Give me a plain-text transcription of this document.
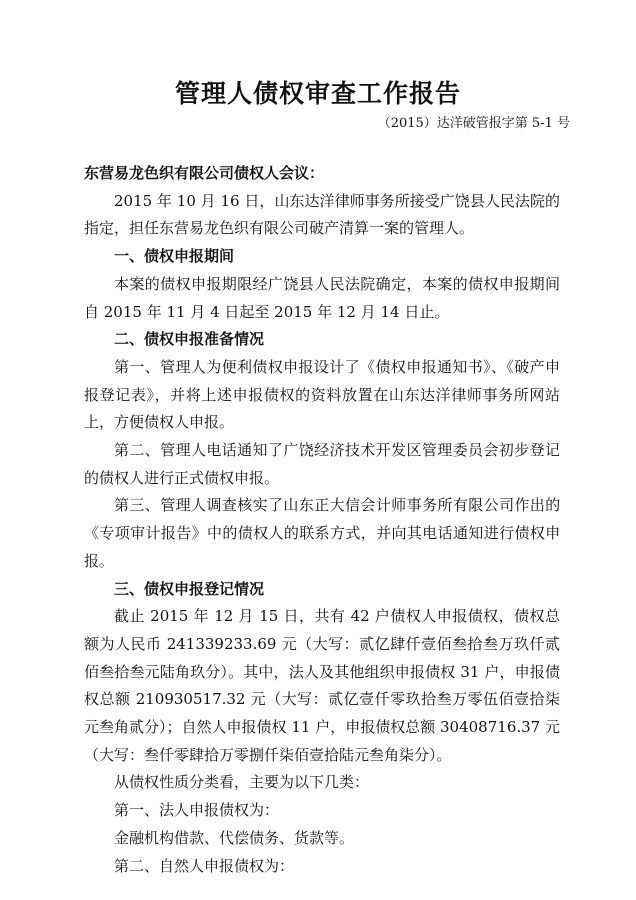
管理人债权审查工作报告
（2015）达洋破管报字第 5-1 号

东营易龙色织有限公司债权人会议：

2015 年 10 月 16 日，山东达洋律师事务所接受广饶县人民法院的指定，担任东营易龙色织有限公司破产清算一案的管理人。

一、债权申报期间

本案的债权申报期限经广饶县人民法院确定，本案的债权申报期间自 2015 年 11 月 4 日起至 2015 年 12 月 14 日止。

二、债权申报准备情况

第一、管理人为便利债权申报设计了《债权申报通知书》、《破产申报登记表》，并将上述申报债权的资料放置在山东达洋律师事务所网站上，方便债权人申报。

第二、管理人电话通知了广饶经济技术开发区管理委员会初步登记的债权人进行正式债权申报。

第三、管理人调查核实了山东正大信会计师事务所有限公司作出的《专项审计报告》中的债权人的联系方式，并向其电话通知进行债权申报。

三、债权申报登记情况

截止 2015 年 12 月 15 日，共有 42 户债权人申报债权，债权总额为人民币 241339233.69 元（大写：贰亿肆仟壹佰叁拾叁万玖仟贰佰叁拾叁元陆角玖分）。其中，法人及其他组织申报债权 31 户，申报债权总额 210930517.32 元（大写：贰亿壹仟零玖拾叁万零伍佰壹拾柒元叁角贰分）；自然人申报债权 11 户，申报债权总额 30408716.37 元（大写：叁仟零肆拾万零捌仟柒佰壹拾陆元叁角柒分）。

从债权性质分类看，主要为以下几类：

第一、法人申报债权为：

金融机构借款、代偿债务、货款等。

第二、自然人申报债权为：
